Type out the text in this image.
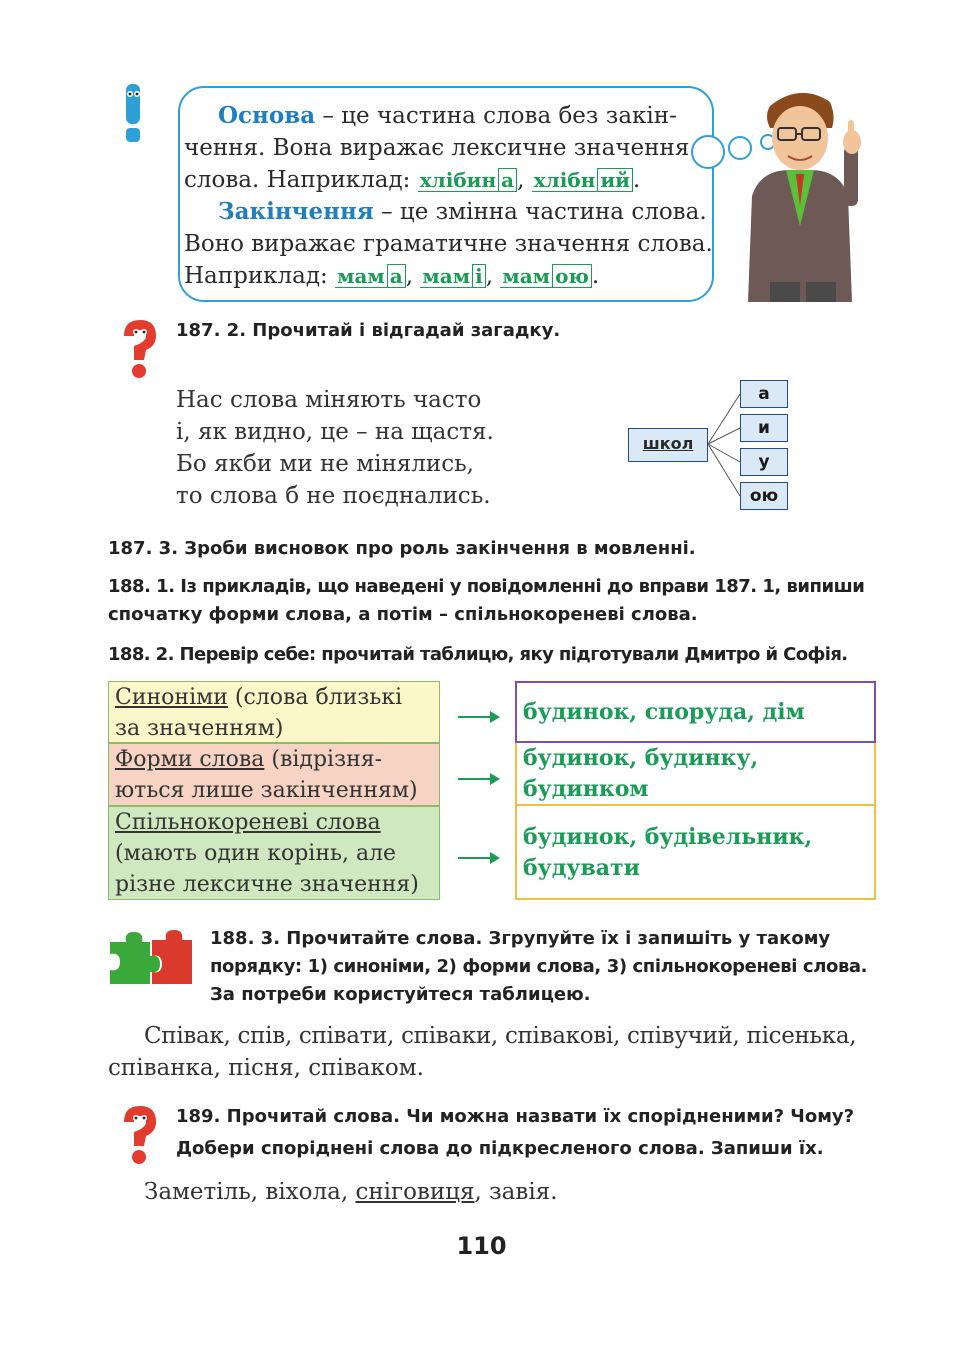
Основа – це частина слова без закін-
чення. Вона виражає лексичне значення
слова. Наприклад: хлібин а , хлібн ий .
Закінчення – це змінна частина слова.
Воно виражає граматичне значення слова.
Наприклад: мам а , мам і , мам ою .
187. 2. Прочитай і відгадай загадку.
Нас слова міняють часто
і, як видно, це – на щастя.
Бо якби ми не мінялись,
то слова б не поєднались.
школ
а
и
у
ою
187. 3. Зроби висновок про роль закінчення в мовленні.
188. 1. Із прикладів, що наведені у повідомленні до вправи 187. 1, випиши
спочатку форми слова, а потім – спільнокореневі слова.
188. 2. Перевір себе: прочитай таблицю, яку підготували Дмитро й Софія.
Синоніми (слова близькі
за значенням)
Форми слова (відрізня-
ються лише закінченням)
Спільнокореневі слова
(мають один корінь, але
різне лексичне значення)
будинок, споруда, дім
будинок, будинку,
будинком
будинок, будівельник,
будувати
188. 3. Прочитайте слова. Згрупуйте їх і запишіть у такому
порядку: 1) синоніми, 2) форми слова, 3) спільнокореневі слова.
За потреби користуйтеся таблицею.
Співак, спів, співати, співаки, співакові, співучий, пісенька,
співанка, пісня, співаком.
189. Прочитай слова. Чи можна назвати їх спорідненими? Чому?
Добери споріднені слова до підкресленого слова. Запиши їх.
Заметіль, віхола, сніговиця, завія.
110
